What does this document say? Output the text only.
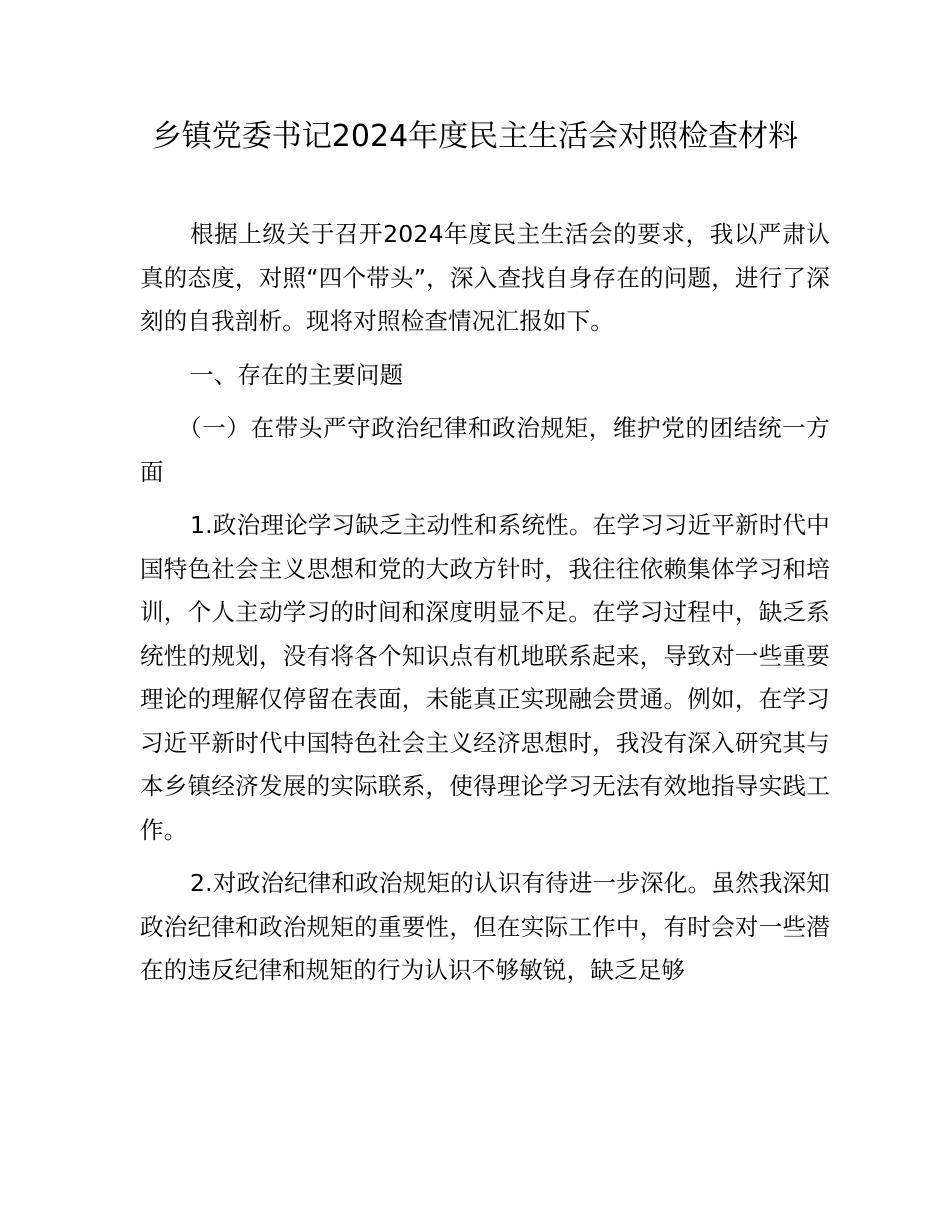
乡镇党委书记2024年度民主生活会对照检查材料

根据上级关于召开2024年度民主生活会的要求，我以严肃认真的态度，对照“四个带头”，深入查找自身存在的问题，进行了深刻的自我剖析。现将对照检查情况汇报如下。

一、存在的主要问题

（一）在带头严守政治纪律和政治规矩，维护党的团结统一方面

1.政治理论学习缺乏主动性和系统性。在学习习近平新时代中国特色社会主义思想和党的大政方针时，我往往依赖集体学习和培训，个人主动学习的时间和深度明显不足。在学习过程中，缺乏系统性的规划，没有将各个知识点有机地联系起来，导致对一些重要理论的理解仅停留在表面，未能真正实现融会贯通。例如，在学习习近平新时代中国特色社会主义经济思想时，我没有深入研究其与本乡镇经济发展的实际联系，使得理论学习无法有效地指导实践工作。

2.对政治纪律和政治规矩的认识有待进一步深化。虽然我深知政治纪律和政治规矩的重要性，但在实际工作中，有时会对一些潜在的违反纪律和规矩的行为认识不够敏锐，缺乏足够
